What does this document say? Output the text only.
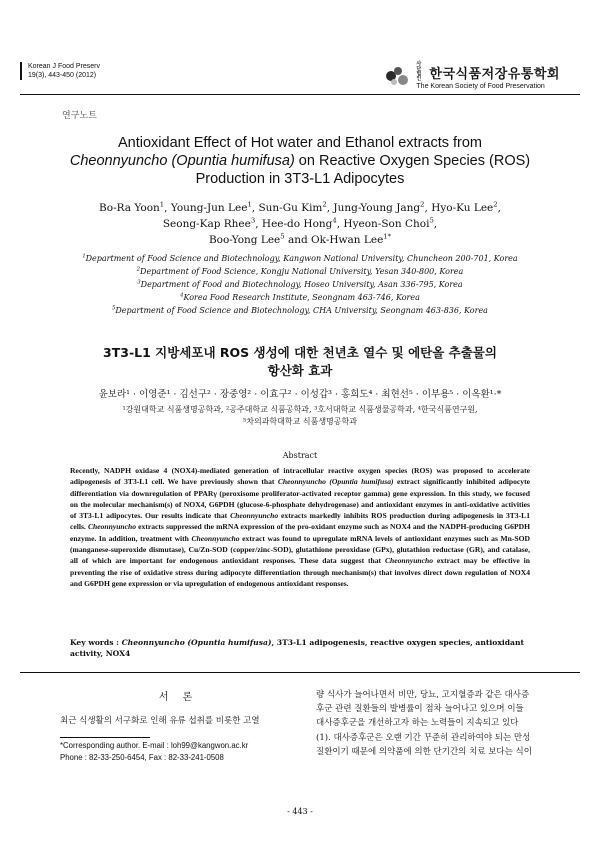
Korean J Food Preserv
19(3), 443-450 (2012)
사단법인 한국식품저장유통학회
The Korean Society of Food Preservation
연구노트
Antioxidant Effect of Hot water and Ethanol extracts from
Cheonnyuncho (Opuntia humifusa) on Reactive Oxygen Species (ROS)
Production in 3T3-L1 Adipocytes
Bo-Ra Yoon$^1$, Young-Jun Lee$^1$, Sun-Gu Kim$^2$, Jung-Young Jang$^2$, Hyo-Ku Lee$^2$,
Seong-Kap Rhee$^3$, Hee-do Hong$^4$, Hyeon-Son Choi$^5$,
Boo-Yong Lee$^5$ and Ok-Hwan Lee$^{1*}$
$^1$Department of Food Science and Biotechnology, Kangwon National University, Chuncheon 200-701, Korea
$^2$Department of Food Science, Kongju National University, Yesan 340-800, Korea
$^3$Department of Food and Biotechnology, Hoseo University, Asan 336-795, Korea
$^4$Korea Food Research Institute, Seongnam 463-746, Korea
$^5$Department of Food Science and Biotechnology, CHA University, Seongnam 463-836, Korea
3T3-L1 지방세포내 ROS 생성에 대한 천년초 열수 및 에탄올 추출물의
항산화 효과
윤보라¹ · 이영준¹ · 김선구² · 장중영² · 이효구² · 이성갑³ · 홍희도⁴ · 최현선⁵ · 이부용⁵ · 이옥환¹·*
¹강원대학교 식품생명공학과, ²공주대학교 식품공학과, ³호서대학교 식품생물공학과, ⁴한국식품연구원,
⁵차의과학대학교 식품생명공학과
Abstract
Recently, NADPH oxidase 4 (NOX4)-mediated generation of intracellular reactive oxygen species (ROS) was proposed to accelerate adipogenesis of 3T3-L1 cell. We have previously shown that Cheonnyuncho (Opuntia humifusa) extract significantly inhibited adipocyte differentiation via downregulation of PPARγ (peroxisome proliferator-activated receptor gamma) gene expression. In this study, we focused on the molecular mechanism(s) of NOX4, G6PDH (glucose-6-phosphate dehydrogenase) and antioxidant enzymes in anti-oxidative activities of 3T3-L1 adipocytes. Our results indicate that Cheonnyuncho extracts markedly inhibits ROS production during adipogenesis in 3T3-L1 cells. Cheonnyuncho extracts suppressed the mRNA expression of the pro-oxidant enzyme such as NOX4 and the NADPH-producing G6PDH enzyme. In addition, treatment with Cheonnyuncho extract was found to upregulate mRNA levels of antioxidant enzymes such as Mn-SOD (manganese-superoxide dismutase), Cu/Zn-SOD (copper/zinc-SOD), glutathione peroxidase (GPx), glutathion reductase (GR), and catalase, all of which are important for endogenous antioxidant responses. These data suggest that Cheonnyuncho extract may be effective in preventing the rise of oxidative stress during adipocyte differentiation through mechanism(s) that involves direct down regulation of NOX4 and G6PDH gene expression or via upregulation of endogenous antioxidant responses.
Key words : Cheonnyuncho (Opuntia humifusa), 3T3-L1 adipogenesis, reactive oxygen species, antioxidant activity, NOX4
서론
최근 식생활의 서구화로 인해 유류 섭취를 비롯한 고열
*Corresponding author. E-mail : loh99@kangwon.ac.kr
Phone : 82-33-250-6454, Fax : 82-33-241-0508
량 식사가 늘어나면서 비만, 당뇨, 고지혈증과 같은 대사증
후군 관련 질환들의 발병률이 점차 늘어나고 있으며 이들
대사증후군을 개선하고자 하는 노력들이 지속되고 있다
(1). 대사증후군은 오랜 기간 꾸준히 관리하여야 되는 만성
질환이기 때문에 의약품에 의한 단기간의 치료 보다는 식이
- 443 -
